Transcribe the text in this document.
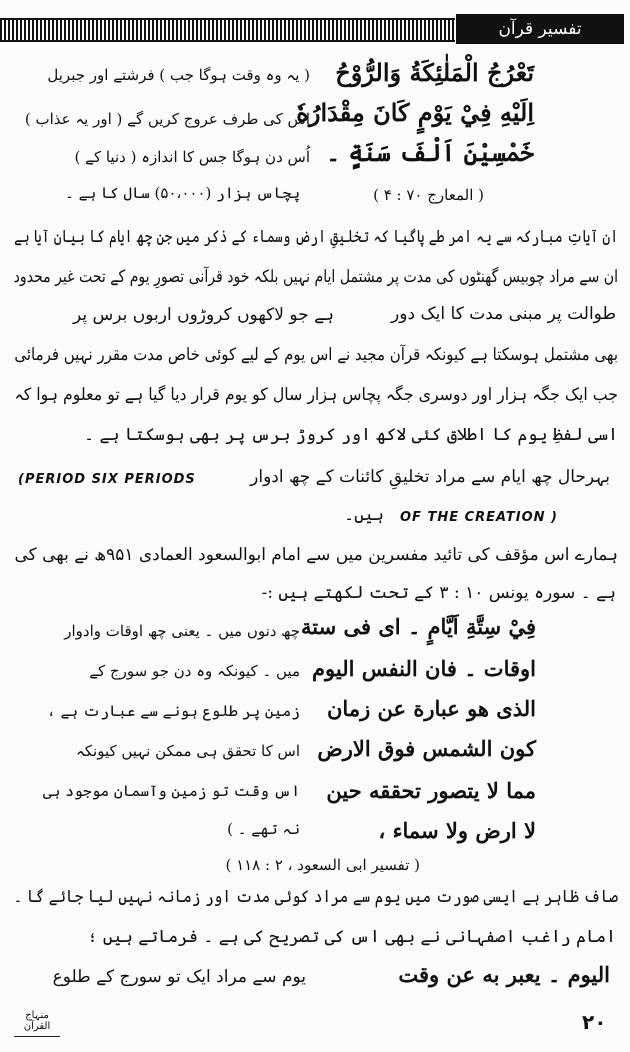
تفسیر قرآن
تَعْرُجُ الْمَلٰئِكَةُ وَالرُّوْحُ
اِلَيْهِ فِيْ يَوْمٍ كَانَ مِقْدَارُهٗ
خَمْسِيْنَ اَلْفَ سَنَةٍ ۔
( یہ وہ وقت ہوگا جب ) فرشتے اور جبریل
اس کی طرف عروج کریں گے ( اور یہ عذاب )
اُس دن ہوگا جس کا اندازہ ( دنیا کے )
پچاس ہزار (۵۰،۰۰۰) سال کا ہے ۔	( المعارج ۷۰ : ۴ )
ان آیاتِ مبارکہ سے یہ امر طے پاگیا کہ تخلیقِ ارض وسماء کے ذکر میں جن چھ ایام کا بیان آیا ہے
ان سے مراد چوبیس گھنٹوں کی مدت پر مشتمل ایام نہیں بلکہ خود قرآنی تصورِ یوم کے تحت غیر محدود
طوالت پر مبنی مدت کا ایک دور
ہے جو لاکھوں کروڑوں اربوں برس پر
بھی مشتمل ہوسکتا ہے کیونکہ قرآن مجید نے اس یوم کے لیے کوئی خاص مدت مقرر نہیں فرمائی
جب ایک جگہ ہزار اور دوسری جگہ پچاس ہزار سال کو یوم قرار دیا گیا ہے تو معلوم ہوا کہ
اسی لفظِ یوم کا اطلاق کئی لاکھ اور کروڑ برس پر بھی ہوسکتا ہے ۔
بہرحال چھ ایام سے مراد تخلیقِ کائنات کے چھ ادوار
(PERIOD SIX PERIODS
OF THE CREATION )
ہیں۔
ہمارے اس مؤقف کی تائید مفسرین میں سے امام ابوالسعود العمادی ۹۵۱ھ نے بھی کی
ہے ۔ سورہ یونس ۱۰ : ۳ کے تحت لکھتے ہیں :-
فِيْ سِتَّةِ اَيَّامٍ ۔ اى فى ستة
اوقات ۔ فان النفس اليوم
الذى هو عبارة عن زمان
كون الشمس فوق الارض
مما لا يتصور تحققه حين
لا ارض ولا سماء ،
چھ دنوں میں ۔ یعنی چھ اوقات وادوار
میں ۔ کیونکہ وہ دن جو سورج کے
زمین پر طلوع ہونے سے عبارت ہے ،
اس کا تحقق ہی ممکن نہیں کیونکہ
اس وقت تو زمین وآسمان موجود ہی
نہ تھے ۔ )
( تفسیر ابی السعود ، ۲ : ۱۱۸ )
صاف ظاہر ہے ایسی صورت میں یوم سے مراد کوئی مدت اور زمانہ نہیں لیا جائے گا ۔
امام راغب اصفہانی نے بھی اس کی تصریح کی ہے ۔ فرماتے ہیں ؛
اليوم ۔ يعبر به عن وقت
یوم سے مراد ایک تو سورج کے طلوع
منہاج القرآن	۲۰
